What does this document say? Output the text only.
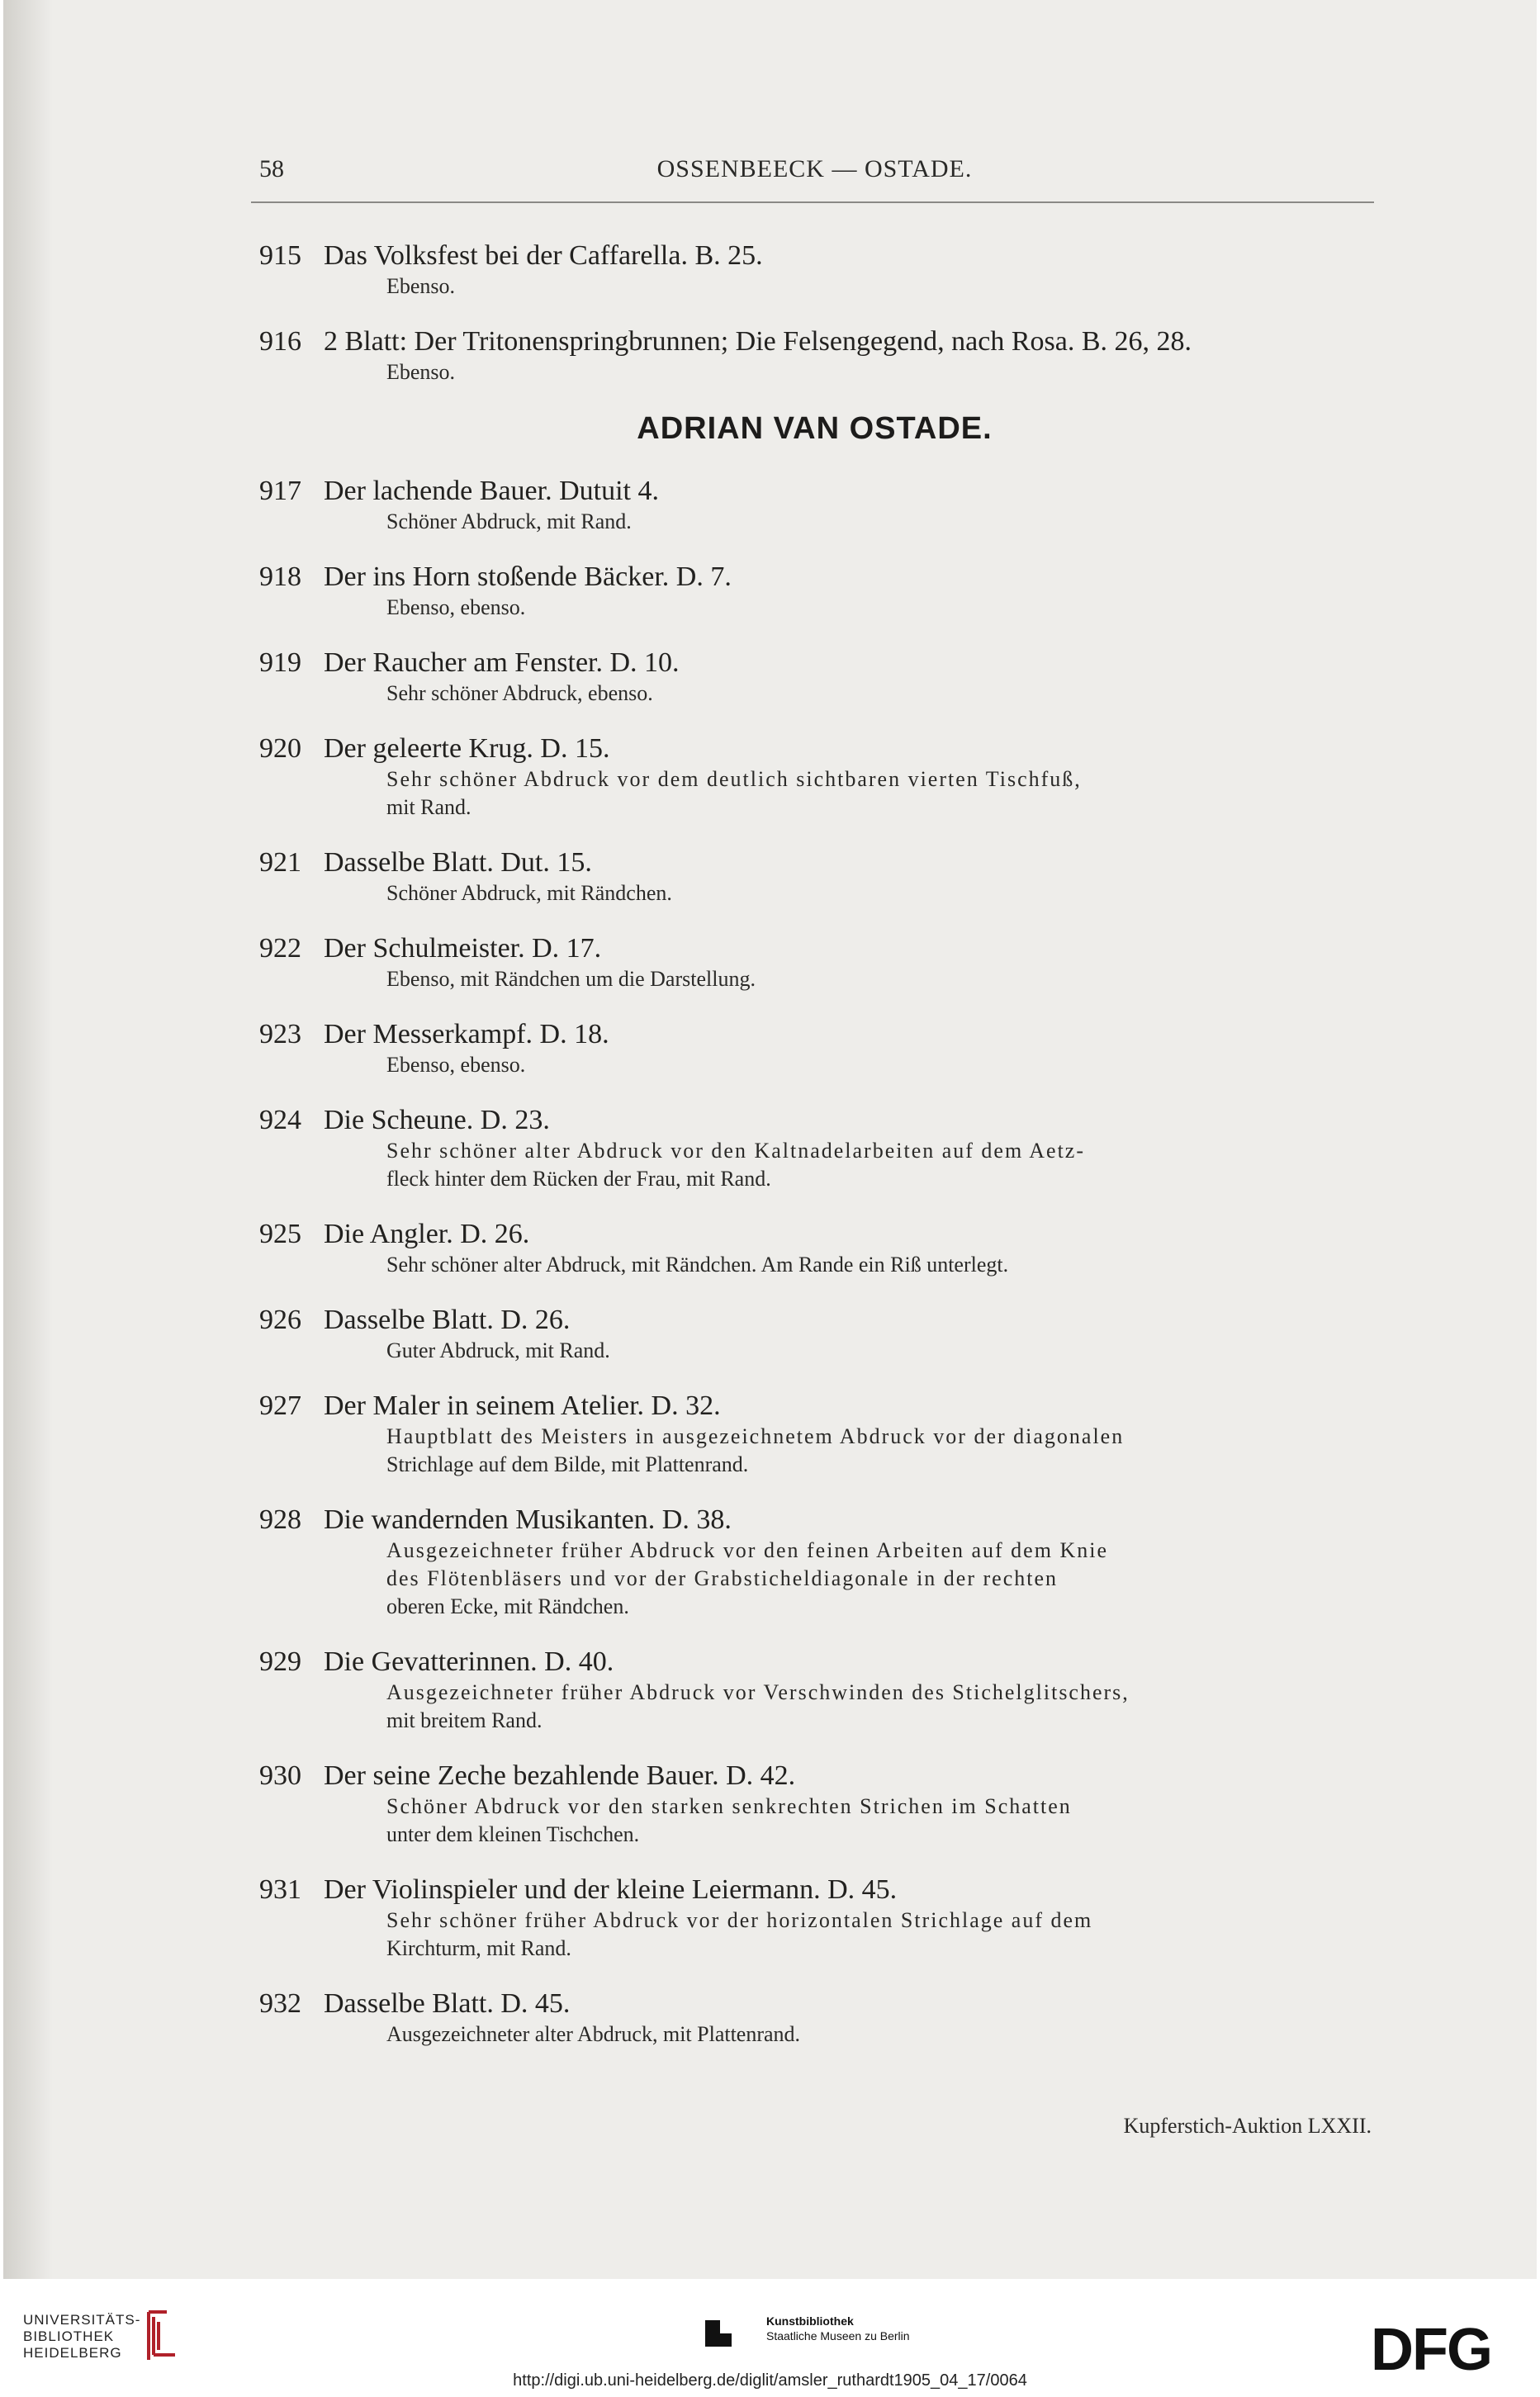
58	OSSENBEECK — OSTADE.
915 Das Volksfest bei der Caffarella. B. 25.
Ebenso.
916 2 Blatt: Der Tritonenspringbrunnen; Die Felsengegend, nach Rosa. B. 26, 28.
Ebenso.
ADRIAN VAN OSTADE.
917 Der lachende Bauer. Dutuit 4.
Schöner Abdruck, mit Rand.
918 Der ins Horn stoßende Bäcker. D. 7.
Ebenso, ebenso.
919 Der Raucher am Fenster. D. 10.
Sehr schöner Abdruck, ebenso.
920 Der geleerte Krug. D. 15.
Sehr schöner Abdruck vor dem deutlich sichtbaren vierten Tischfuß,
mit Rand.
921 Dasselbe Blatt. Dut. 15.
Schöner Abdruck, mit Rändchen.
922 Der Schulmeister. D. 17.
Ebenso, mit Rändchen um die Darstellung.
923 Der Messerkampf. D. 18.
Ebenso, ebenso.
924 Die Scheune. D. 23.
Sehr schöner alter Abdruck vor den Kaltnadelarbeiten auf dem Aetz-
fleck hinter dem Rücken der Frau, mit Rand.
925 Die Angler. D. 26.
Sehr schöner alter Abdruck, mit Rändchen. Am Rande ein Riß unterlegt.
926 Dasselbe Blatt. D. 26.
Guter Abdruck, mit Rand.
927 Der Maler in seinem Atelier. D. 32.
Hauptblatt des Meisters in ausgezeichnetem Abdruck vor der diagonalen
Strichlage auf dem Bilde, mit Plattenrand.
928 Die wandernden Musikanten. D. 38.
Ausgezeichneter früher Abdruck vor den feinen Arbeiten auf dem Knie
des Flötenbläsers und vor der Grabsticheldiagonale in der rechten
oberen Ecke, mit Rändchen.
929 Die Gevatterinnen. D. 40.
Ausgezeichneter früher Abdruck vor Verschwinden des Stichelglitschers,
mit breitem Rand.
930 Der seine Zeche bezahlende Bauer. D. 42.
Schöner Abdruck vor den starken senkrechten Strichen im Schatten
unter dem kleinen Tischchen.
931 Der Violinspieler und der kleine Leiermann. D. 45.
Sehr schöner früher Abdruck vor der horizontalen Strichlage auf dem
Kirchturm, mit Rand.
932 Dasselbe Blatt. D. 45.
Ausgezeichneter alter Abdruck, mit Plattenrand.
Kupferstich-Auktion LXXII.
UNIVERSITÄTS-
BIBLIOTHEK
HEIDELBERG
Kunstbibliothek
Staatliche Museen zu Berlin	DFG
http://digi.ub.uni-heidelberg.de/diglit/amsler_ruthardt1905_04_17/0064
